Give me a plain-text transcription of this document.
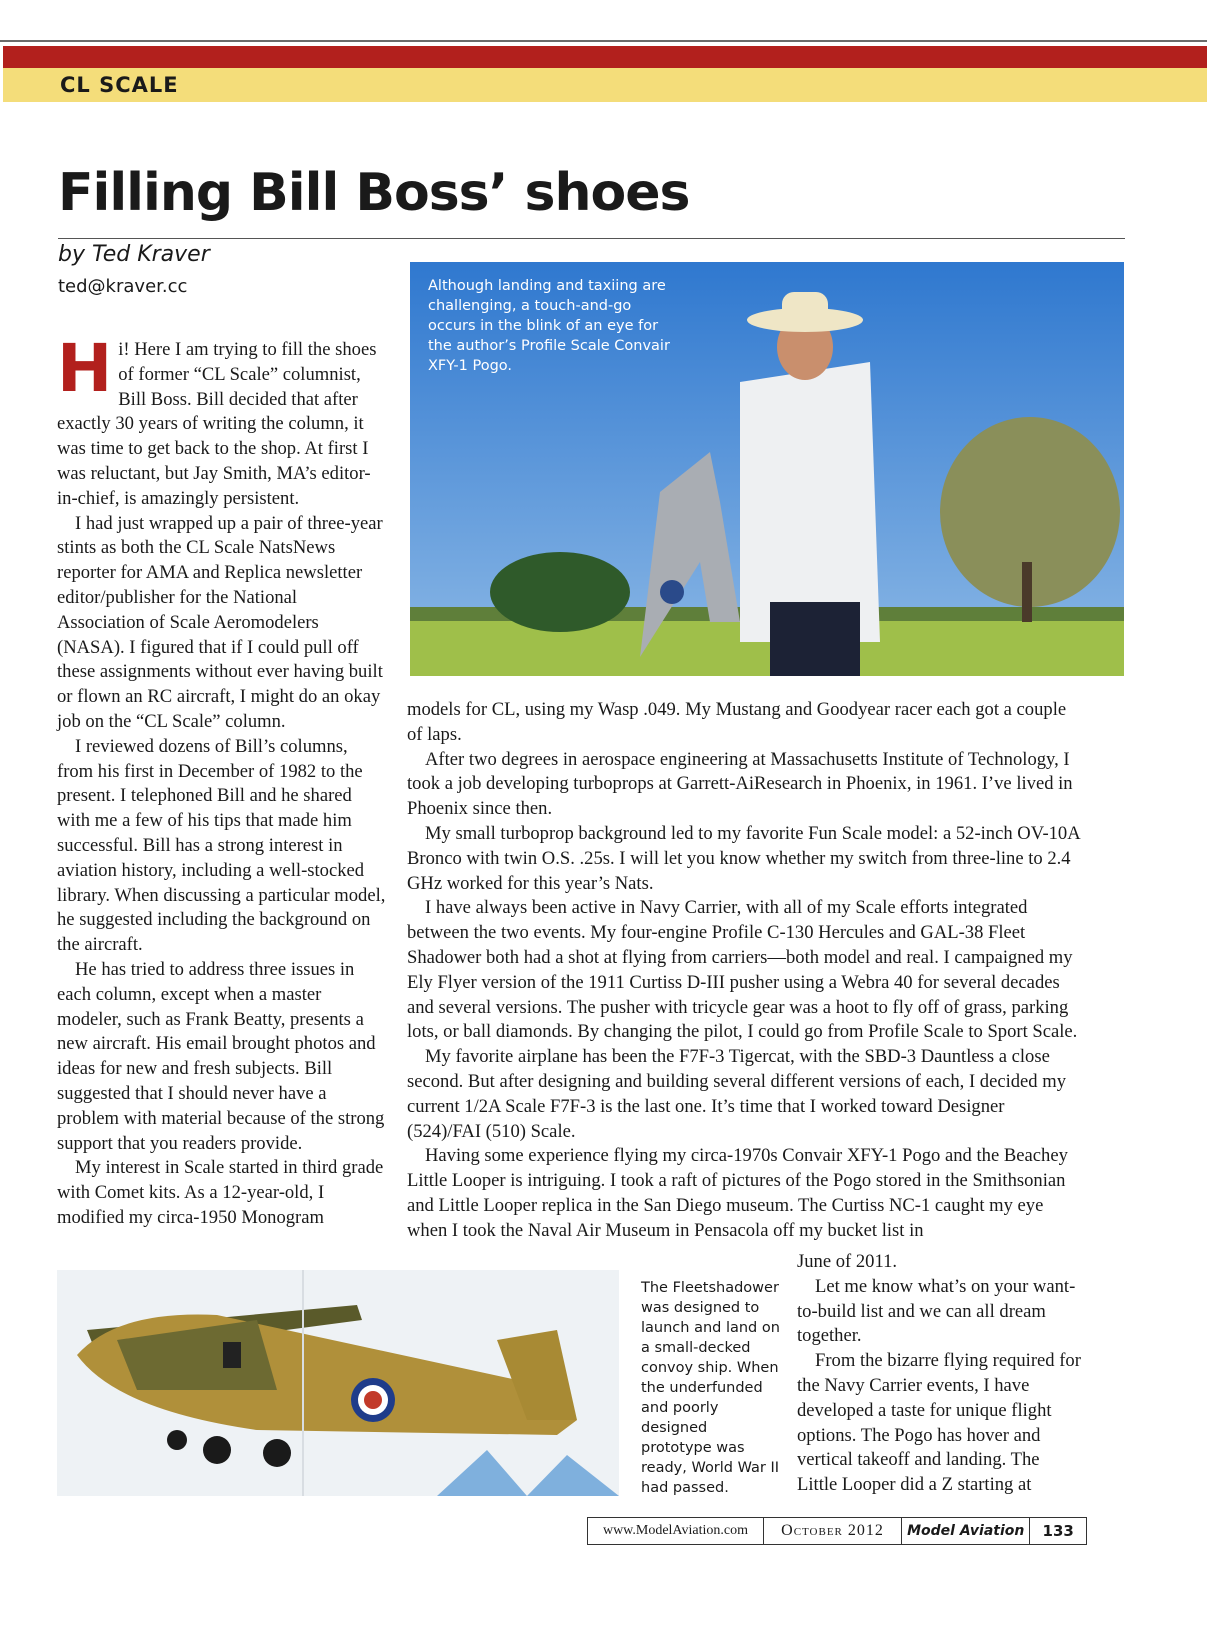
CL SCALE
Filling Bill Boss’ shoes
by Ted Kraver
ted@kraver.cc

Hi! Here I am trying to fill the shoes of former “CL Scale” columnist, Bill Boss. Bill decided that after exactly 30 years of writing the column, it was time to get back to the shop. At first I was reluctant, but Jay Smith, MA’s editor-in-chief, is amazingly persistent.

I had just wrapped up a pair of three-year stints as both the CL Scale NatsNews reporter for AMA and Replica newsletter editor/publisher for the National Association of Scale Aeromodelers (NASA). I figured that if I could pull off these assignments without ever having built or flown an RC aircraft, I might do an okay job on the “CL Scale” column.

I reviewed dozens of Bill’s columns, from his first in December of 1982 to the present. I telephoned Bill and he shared with me a few of his tips that made him successful. Bill has a strong interest in aviation history, including a well-stocked library. When discussing a particular model, he suggested including the background on the aircraft.

He has tried to address three issues in each column, except when a master modeler, such as Frank Beatty, presents a new aircraft. His email brought photos and ideas for new and fresh subjects. Bill suggested that I should never have a problem with material because of the strong support that you readers provide.

My interest in Scale started in third grade with Comet kits. As a 12-year-old, I modified my circa-1950 Monogram

Although landing and taxiing are challenging, a touch-and-go occurs in the blink of an eye for the author’s Profile Scale Convair XFY-1 Pogo.

models for CL, using my Wasp .049. My Mustang and Goodyear racer each got a couple of laps.

After two degrees in aerospace engineering at Massachusetts Institute of Technology, I took a job developing turboprops at Garrett-AiResearch in Phoenix, in 1961. I’ve lived in Phoenix since then.

My small turboprop background led to my favorite Fun Scale model: a 52-inch OV-10A Bronco with twin O.S. .25s. I will let you know whether my switch from three-line to 2.4 GHz worked for this year’s Nats.

I have always been active in Navy Carrier, with all of my Scale efforts integrated between the two events. My four-engine Profile C-130 Hercules and GAL-38 Fleet Shadower both had a shot at flying from carriers—both model and real. I campaigned my Ely Flyer version of the 1911 Curtiss D-III pusher using a Webra 40 for several decades and several versions. The pusher with tricycle gear was a hoot to fly off of grass, parking lots, or ball diamonds. By changing the pilot, I could go from Profile Scale to Sport Scale.

My favorite airplane has been the F7F-3 Tigercat, with the SBD-3 Dauntless a close second. But after designing and building several different versions of each, I decided my current 1/2A Scale F7F-3 is the last one. It’s time that I worked toward Designer (524)/FAI (510) Scale.

Having some experience flying my circa-1970s Convair XFY-1 Pogo and the Beachey Little Looper is intriguing. I took a raft of pictures of the Pogo stored in the Smithsonian and Little Looper replica in the San Diego museum. The Curtiss NC-1 caught my eye when I took the Naval Air Museum in Pensacola off my bucket list in

The Fleetshadower was designed to launch and land on a small-decked convoy ship. When the underfunded and poorly designed prototype was ready, World War II had passed.

June of 2011.

Let me know what’s on your want-to-build list and we can all dream together.

From the bizarre flying required for the Navy Carrier events, I have developed a taste for unique flight options. The Pogo has hover and vertical takeoff and landing. The Little Looper did a Z starting at

www.ModelAviation.com	October 2012	Model Aviation	133
